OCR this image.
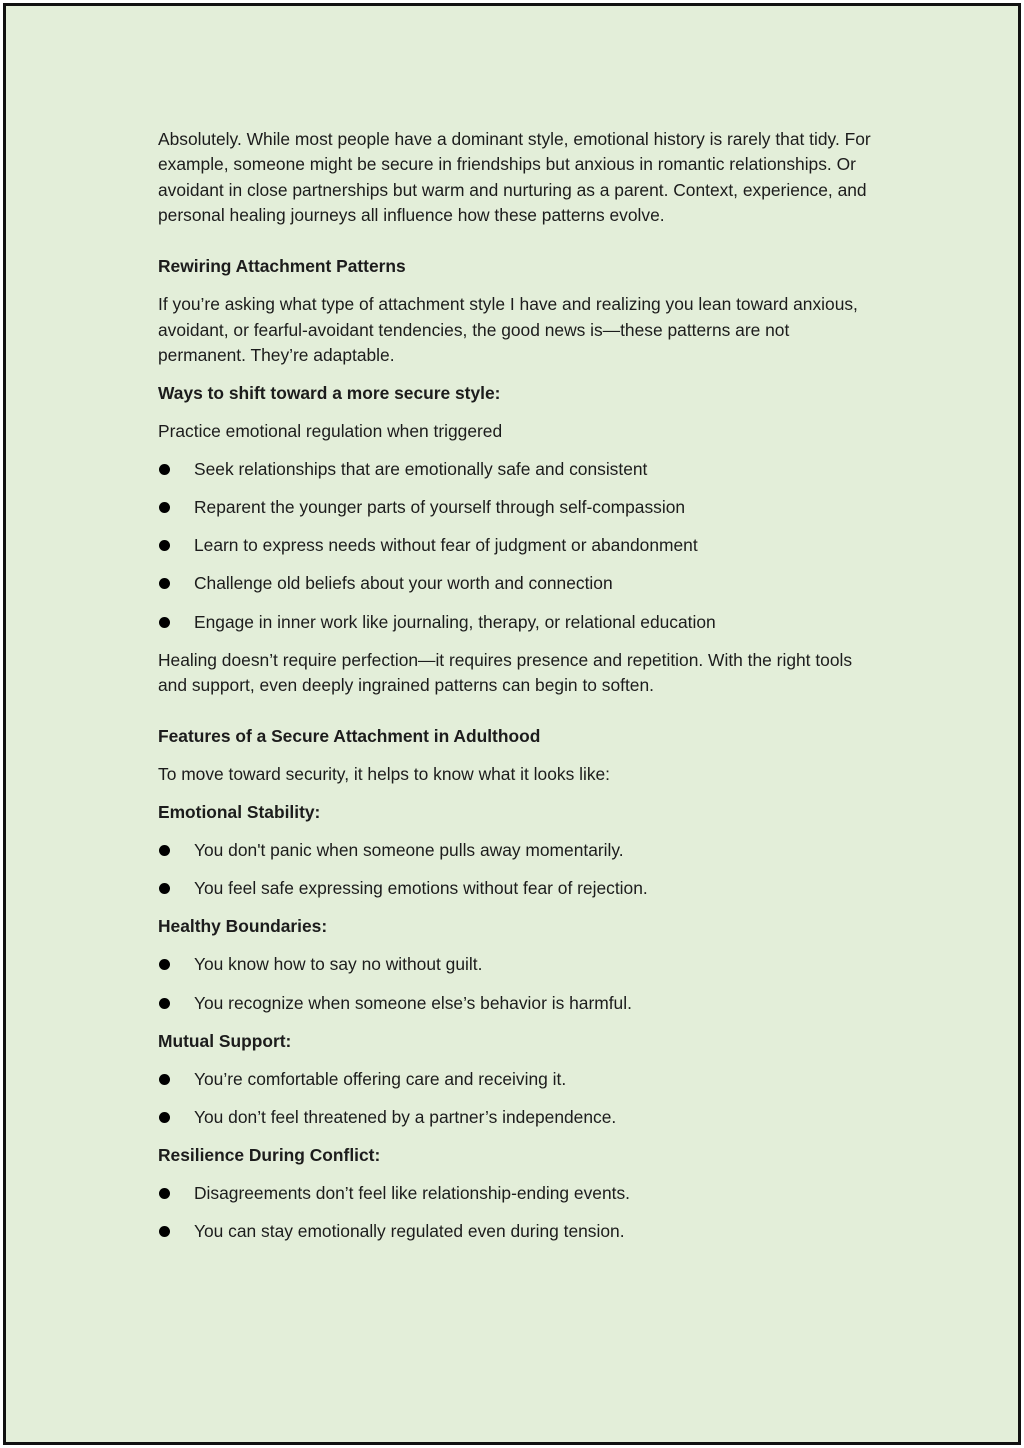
Absolutely. While most people have a dominant style, emotional history is rarely that tidy. For example, someone might be secure in friendships but anxious in romantic relationships. Or avoidant in close partnerships but warm and nurturing as a parent. Context, experience, and personal healing journeys all influence how these patterns evolve.

Rewiring Attachment Patterns

If you’re asking what type of attachment style I have and realizing you lean toward anxious, avoidant, or fearful-avoidant tendencies, the good news is—these patterns are not permanent. They’re adaptable.

Ways to shift toward a more secure style:

Practice emotional regulation when triggered

Seek relationships that are emotionally safe and consistent
Reparent the younger parts of yourself through self-compassion
Learn to express needs without fear of judgment or abandonment
Challenge old beliefs about your worth and connection
Engage in inner work like journaling, therapy, or relational education

Healing doesn’t require perfection—it requires presence and repetition. With the right tools and support, even deeply ingrained patterns can begin to soften.

Features of a Secure Attachment in Adulthood

To move toward security, it helps to know what it looks like:

Emotional Stability:

You don't panic when someone pulls away momentarily.
You feel safe expressing emotions without fear of rejection.

Healthy Boundaries:

You know how to say no without guilt.
You recognize when someone else’s behavior is harmful.

Mutual Support:

You’re comfortable offering care and receiving it.
You don’t feel threatened by a partner’s independence.

Resilience During Conflict:

Disagreements don’t feel like relationship-ending events.
You can stay emotionally regulated even during tension.
